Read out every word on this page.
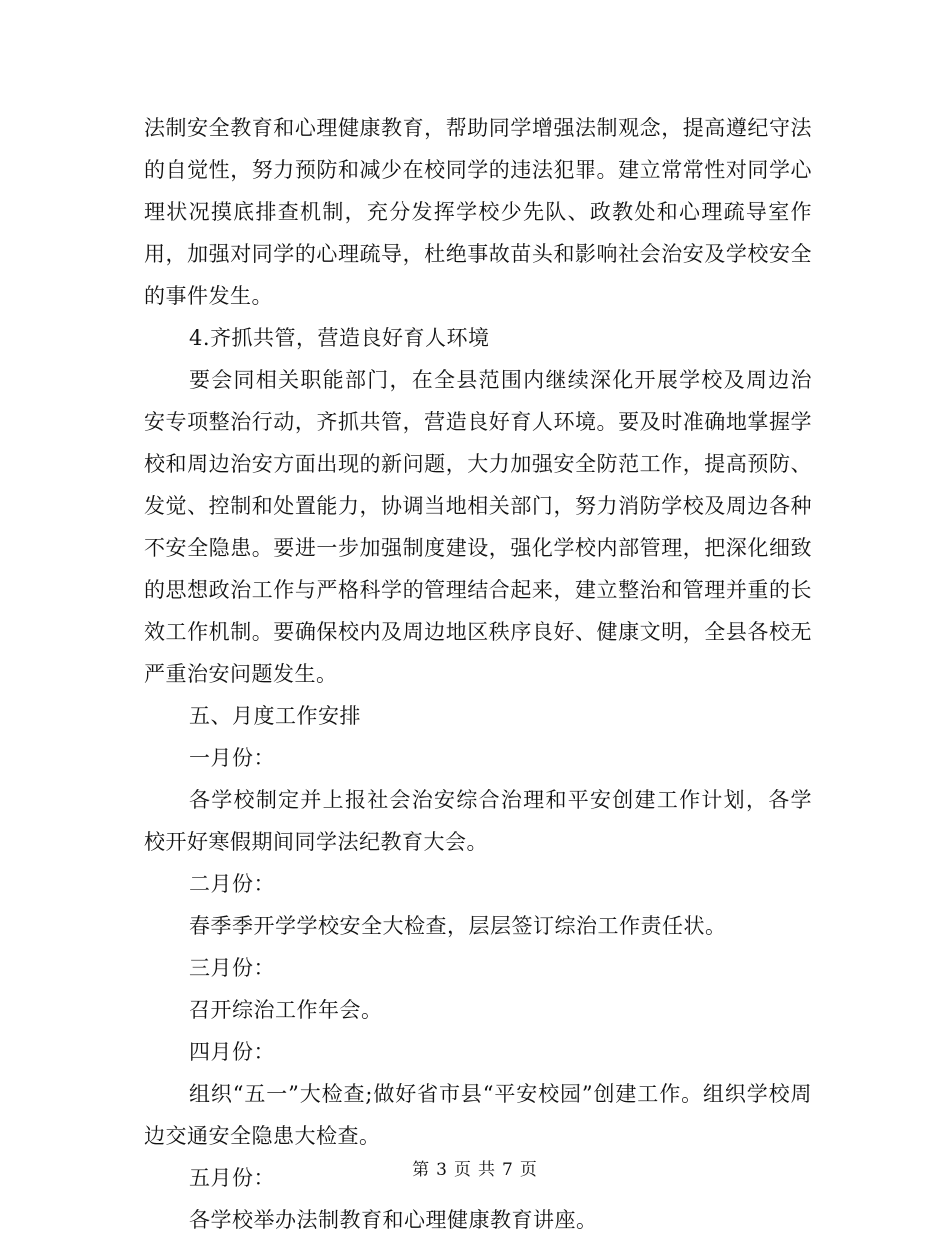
法制安全教育和心理健康教育，帮助同学增强法制观念，提高遵纪守法的自觉性，努力预防和减少在校同学的违法犯罪。建立常常性对同学心理状况摸底排查机制，充分发挥学校少先队、政教处和心理疏导室作用，加强对同学的心理疏导，杜绝事故苗头和影响社会治安及学校安全的事件发生。

4.齐抓共管，营造良好育人环境

要会同相关职能部门，在全县范围内继续深化开展学校及周边治安专项整治行动，齐抓共管，营造良好育人环境。要及时准确地掌握学校和周边治安方面出现的新问题，大力加强安全防范工作，提高预防、发觉、控制和处置能力，协调当地相关部门，努力消防学校及周边各种不安全隐患。要进一步加强制度建设，强化学校内部管理，把深化细致的思想政治工作与严格科学的管理结合起来，建立整治和管理并重的长效工作机制。要确保校内及周边地区秩序良好、健康文明，全县各校无严重治安问题发生。

五、月度工作安排

一月份：

各学校制定并上报社会治安综合治理和平安创建工作计划，各学校开好寒假期间同学法纪教育大会。

二月份：

春季季开学学校安全大检查，层层签订综治工作责任状。

三月份：

召开综治工作年会。

四月份：

组织“五一”大检查;做好省市县“平安校园”创建工作。组织学校周边交通安全隐患大检查。

五月份：

各学校举办法制教育和心理健康教育讲座。

第 3 页 共 7 页
